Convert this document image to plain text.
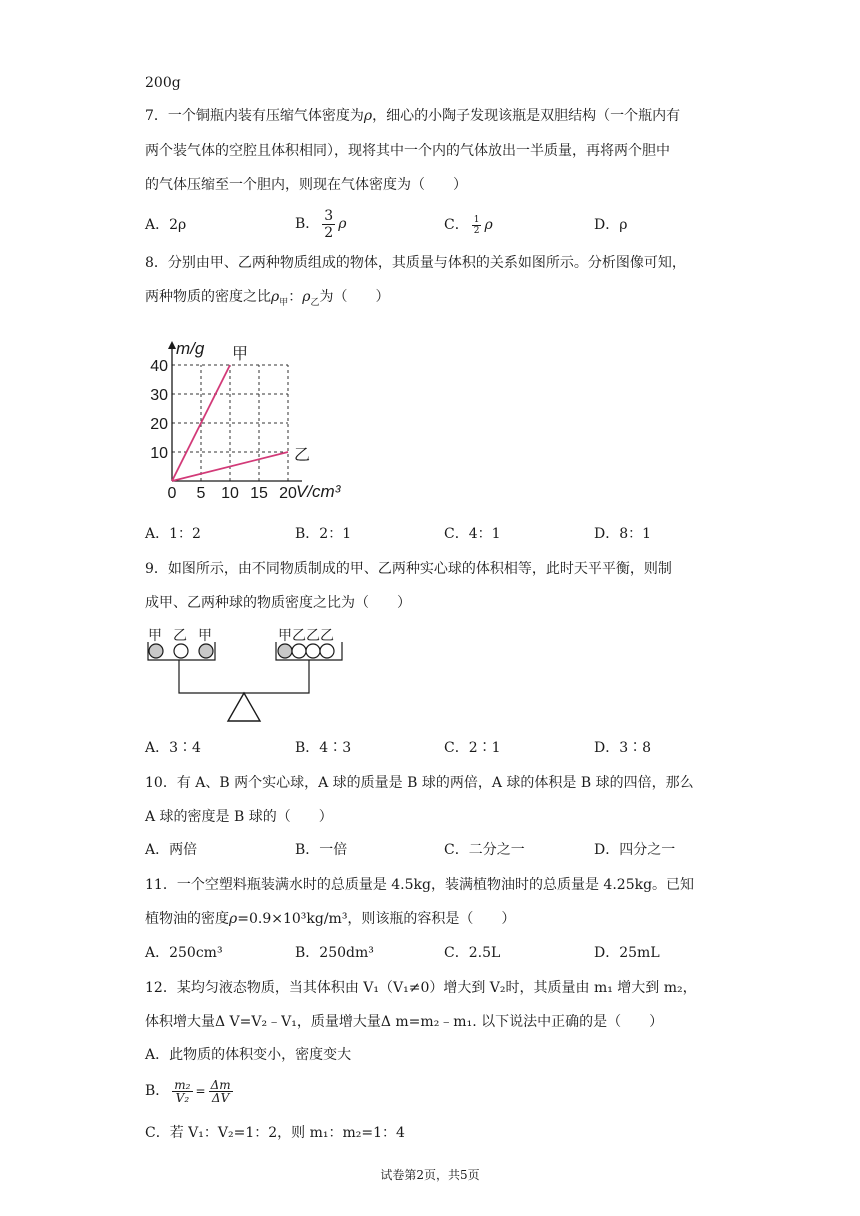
200g
7．一个铜瓶内装有压缩气体密度为ρ，细心的小陶子发现该瓶是双胆结构（一个瓶内有
两个装气体的空腔且体积相同），现将其中一个内的气体放出一半质量，再将两个胆中
的气体压缩至一个胆内，则现在气体密度为（　　）
A．2ρ	B． $\frac{3}{2}$ ρ	C． $\frac{1}{2}$ ρ	D．ρ
8．分别由甲、乙两种物质组成的物体，其质量与体积的关系如图所示。分析图像可知，
两种物质的密度之比$\rho_甲$：$\rho_乙$为（　　）
0 5 10 15 20
10
20
30
40
甲
乙
m/g
V/cm³
A．1：2	B．2：1	C．4：1	D．8：1
9．如图所示，由不同物质制成的甲、乙两种实心球的体积相等，此时天平平衡，则制
成甲、乙两种球的物质密度之比为（　　）
甲 乙 甲	甲 乙 乙 乙
A．3∶4	B．4∶3	C．2∶1	D．3∶8
10．有 A、B 两个实心球，A 球的质量是 B 球的两倍，A 球的体积是 B 球的四倍，那么
A 球的密度是 B 球的（　　）
A．两倍	B．一倍	C．二分之一	D．四分之一
11．一个空塑料瓶装满水时的总质量是 4.5kg，装满植物油时的总质量是 4.25kg。已知
植物油的密度ρ=0.9×10³kg/m³，则该瓶的容积是（　　）
A．250cm³	B．250dm³	C．2.5L	D．25mL
12．某均匀液态物质，当其体积由 V₁（V₁≠0）增大到 V₂时，其质量由 m₁ 增大到 m₂，
体积增大量Δ V=V₂﹣V₁，质量增大量Δ m=m₂﹣m₁. 以下说法中正确的是（　　）
A．此物质的体积变小，密度变大
B． $\frac{\text{m₂}}{\text{V₂}} = \frac{\Delta m}{\Delta V}$
C．若 V₁：V₂=1：2，则 m₁：m₂=1：4
试卷第2页，共5页
